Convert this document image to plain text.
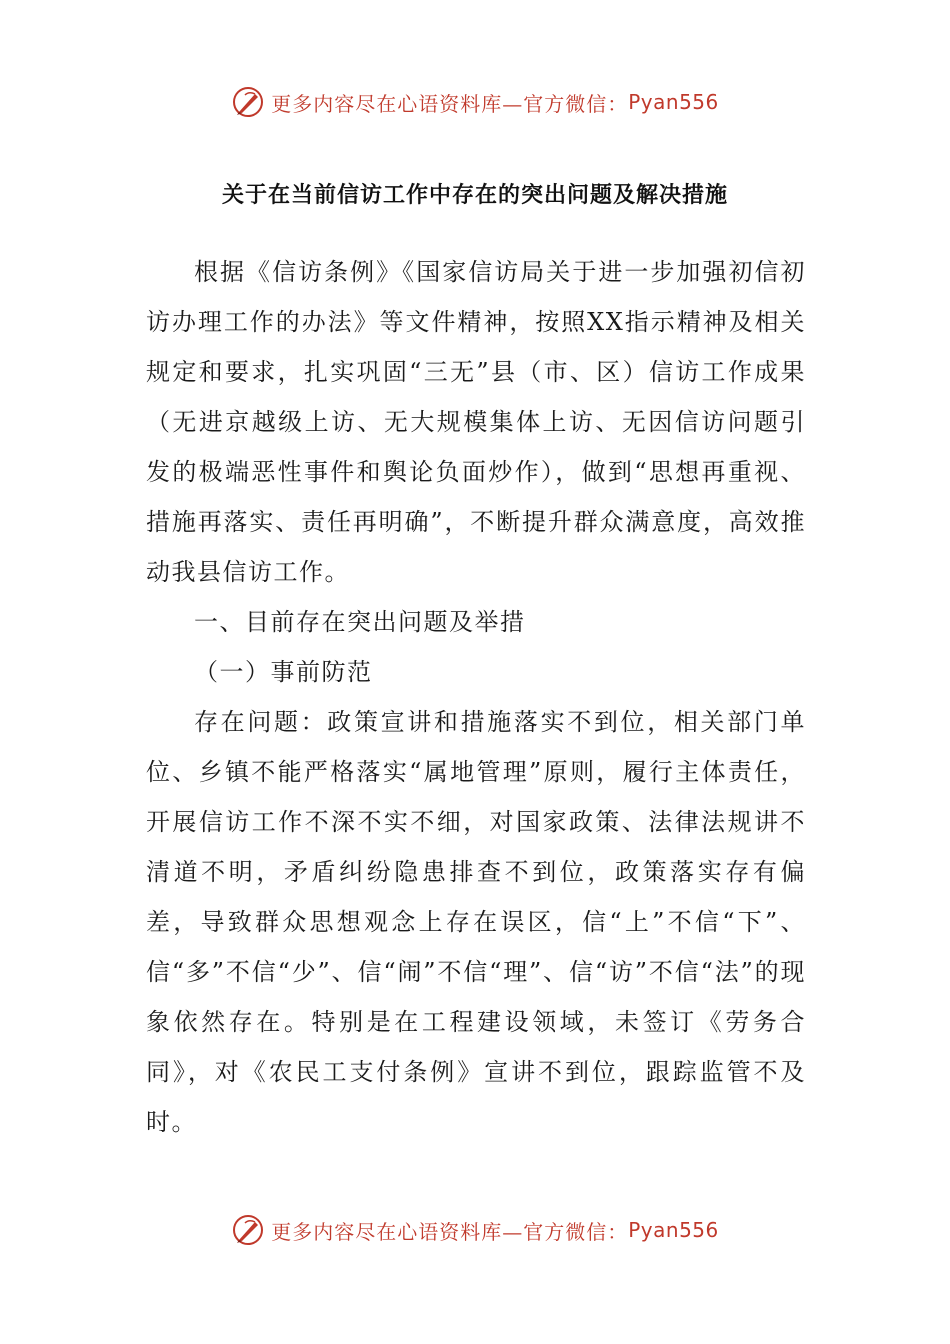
更多内容尽在心语资料库—官方微信： Pyan556
关于在当前信访工作中存在的突出问题及解决措施

根据《信访条例》《国家信访局关于进一步加强初信初访办理工作的办法》等文件精神，按照XX指示精神及相关规定和要求，扎实巩固“三无”县（市、区）信访工作成果（无进京越级上访、无大规模集体上访、无因信访问题引发的极端恶性事件和舆论负面炒作），做到“思想再重视、措施再落实、责任再明确”，不断提升群众满意度，高效推动我县信访工作。

一、目前存在突出问题及举措

（一）事前防范

存在问题：政策宣讲和措施落实不到位，相关部门单位、乡镇不能严格落实“属地管理”原则，履行主体责任，开展信访工作不深不实不细，对国家政策、法律法规讲不清道不明，矛盾纠纷隐患排查不到位，政策落实存有偏差，导致群众思想观念上存在误区，信“上”不信“下”、信“多”不信“少”、信“闹”不信“理”、信“访”不信“法”的现象依然存在。特别是在工程建设领域，未签订《劳务合同》，对《农民工支付条例》宣讲不到位，跟踪监管不及时。

更多内容尽在心语资料库—官方微信： Pyan556
